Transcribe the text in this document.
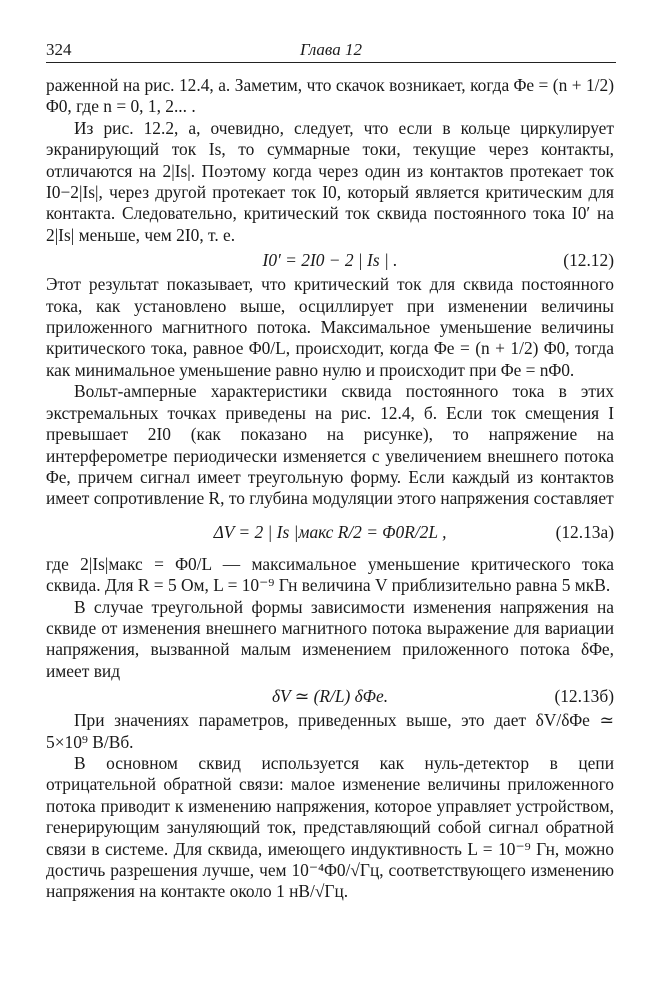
324	Глава 12

раженной на рис. 12.4, а. Заметим, что скачок возникает, когда Φe = (n + 1/2) Φ0, где n = 0, 1, 2... .

Из рис. 12.2, а, очевидно, следует, что если в кольце циркулирует экранирующий ток Is, то суммарные токи, текущие через контакты, отличаются на 2|Is|. Поэтому когда через один из контактов протекает ток I0−2|Is|, через другой протекает ток I0, который является критическим для контакта. Следовательно, критический ток сквида постоянного тока I0′ на 2|Is| меньше, чем 2I0, т. е.

I0′ = 2I0 − 2 | Is | .	(12.12)

Этот результат показывает, что критический ток для сквида постоянного тока, как установлено выше, осциллирует при изменении величины приложенного магнитного потока. Максимальное уменьшение величины критического тока, равное Φ0/L, происходит, когда Φe = (n + 1/2) Φ0, тогда как минимальное уменьшение равно нулю и происходит при Φe = nΦ0.

Вольт-амперные характеристики сквида постоянного тока в этих экстремальных точках приведены на рис. 12.4, б. Если ток смещения I превышает 2I0 (как показано на рисунке), то напряжение на интерферометре периодически изменяется с увеличением внешнего потока Φe, причем сигнал имеет треугольную форму. Если каждый из контактов имеет сопротивление R, то глубина модуляции этого напряжения составляет

ΔV = 2 | Is |макс R/2 = Φ0R/2L ,	(12.13а)

где 2|Is|макс = Φ0/L — максимальное уменьшение критического тока сквида. Для R = 5 Ом, L = 10⁻⁹ Гн величина V приблизительно равна 5 мкВ.

В случае треугольной формы зависимости изменения напряжения на сквиде от изменения внешнего магнитного потока выражение для вариации напряжения, вызванной малым изменением приложенного потока δΦe, имеет вид

δV ≃ (R/L) δΦe.	(12.13б)

При значениях параметров, приведенных выше, это дает δV/δΦe ≃ 5×10⁹ В/Вб.

В основном сквид используется как нуль-детектор в цепи отрицательной обратной связи: малое изменение величины приложенного потока приводит к изменению напряжения, которое управляет устройством, генерирующим зануляющий ток, представляющий собой сигнал обратной связи в системе. Для сквида, имеющего индуктивность L = 10⁻⁹ Гн, можно достичь разрешения лучше, чем 10⁻⁴Φ0/√Гц, соответствующего изменению напряжения на контакте около 1 нВ/√Гц.
